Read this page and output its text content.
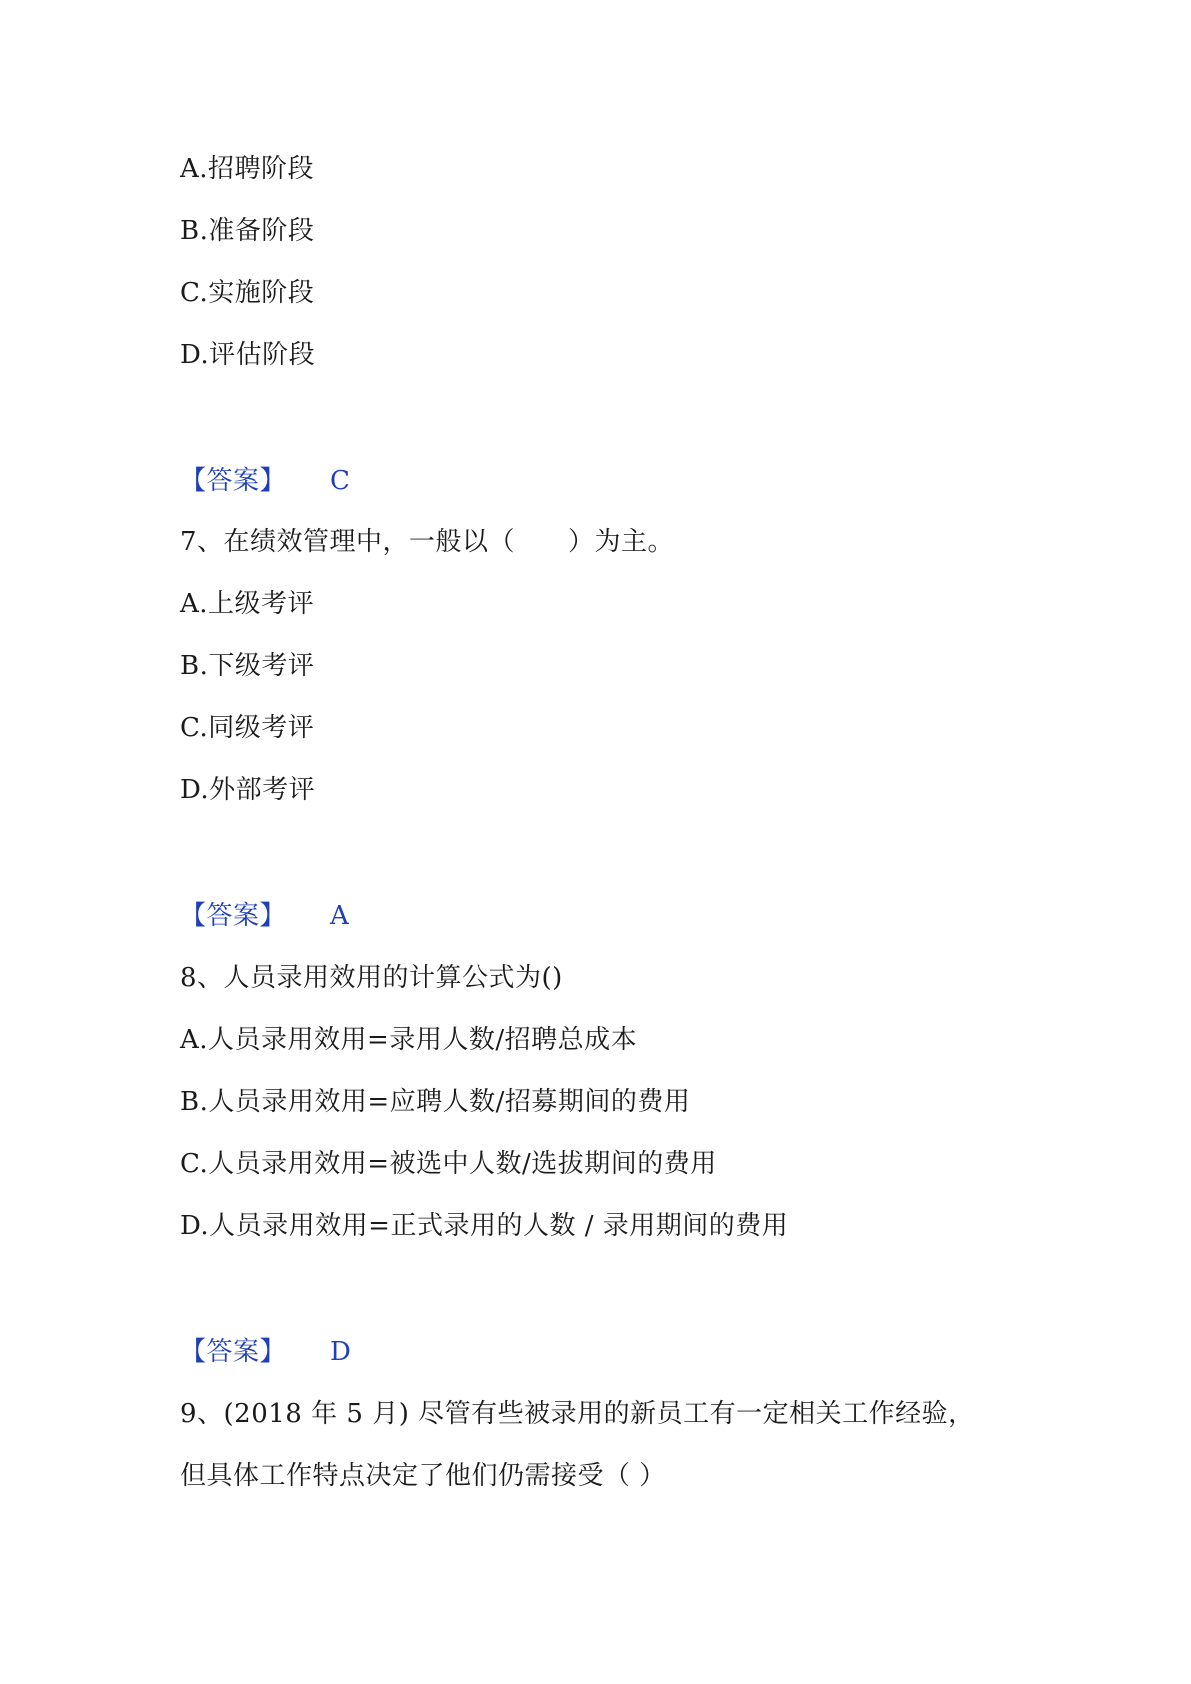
A.招聘阶段
B.准备阶段
C.实施阶段
D.评估阶段
【答案】 C
7、在绩效管理中，一般以（　　）为主。
A.上级考评
B.下级考评
C.同级考评
D.外部考评
【答案】 A
8、人员录用效用的计算公式为()
A.人员录用效用=录用人数/招聘总成本
B.人员录用效用=应聘人数/招募期间的费用
C.人员录用效用=被选中人数/选拔期间的费用
D.人员录用效用=正式录用的人数 / 录用期间的费用
【答案】 D
9、(2018 年 5 月) 尽管有些被录用的新员工有一定相关工作经验，
但具体工作特点决定了他们仍需接受（ ）
